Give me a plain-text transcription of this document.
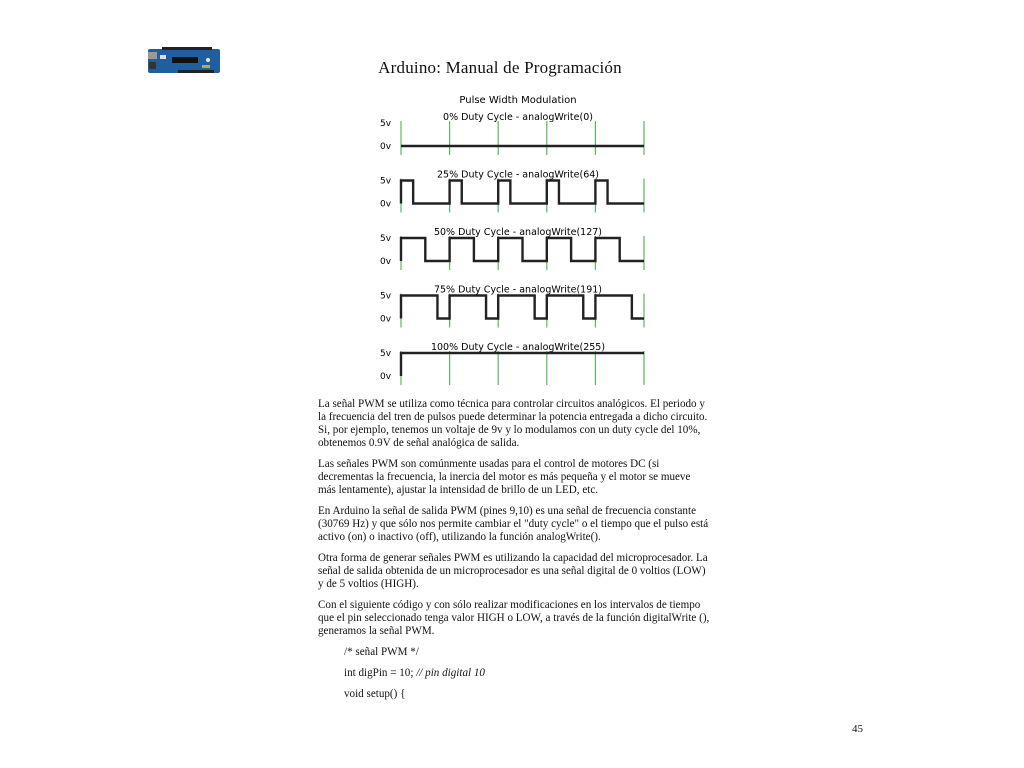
Arduino: Manual de Programación
Pulse Width Modulation
0% Duty Cycle - analogWrite(0)
5v
0v
25% Duty Cycle - analogWrite(64)
5v
0v
50% Duty Cycle - analogWrite(127)
5v
0v
75% Duty Cycle - analogWrite(191)
5v
0v
100% Duty Cycle - analogWrite(255)
5v
0v

La señal PWM se utiliza como técnica para controlar circuitos analógicos. El periodo y la frecuencia del tren de pulsos puede determinar la potencia entregada a dicho circuito. Si, por ejemplo, tenemos un voltaje de 9v y lo modulamos con un duty cycle del 10%, obtenemos 0.9V de señal analógica de salida.

Las señales PWM son comúnmente usadas para el control de motores DC (si decrementas la frecuencia, la inercia del motor es más pequeña y el motor se mueve más lentamente), ajustar la intensidad de brillo de un LED, etc.

En Arduino la señal de salida PWM (pines 9,10) es una señal de frecuencia constante (30769 Hz) y que sólo nos permite cambiar el "duty cycle" o el tiempo que el pulso está activo (on) o inactivo (off), utilizando la función analogWrite().

Otra forma de generar señales PWM es utilizando la capacidad del microprocesador. La señal de salida obtenida de un microprocesador es una señal digital de 0 voltios (LOW) y de 5 voltios (HIGH).

Con el siguiente código y con sólo realizar modificaciones en los intervalos de tiempo que el pin seleccionado tenga valor HIGH o LOW, a través de la función digitalWrite (), generamos la señal PWM.

/* señal PWM */
int digPin = 10; // pin digital 10
void setup() {
45
